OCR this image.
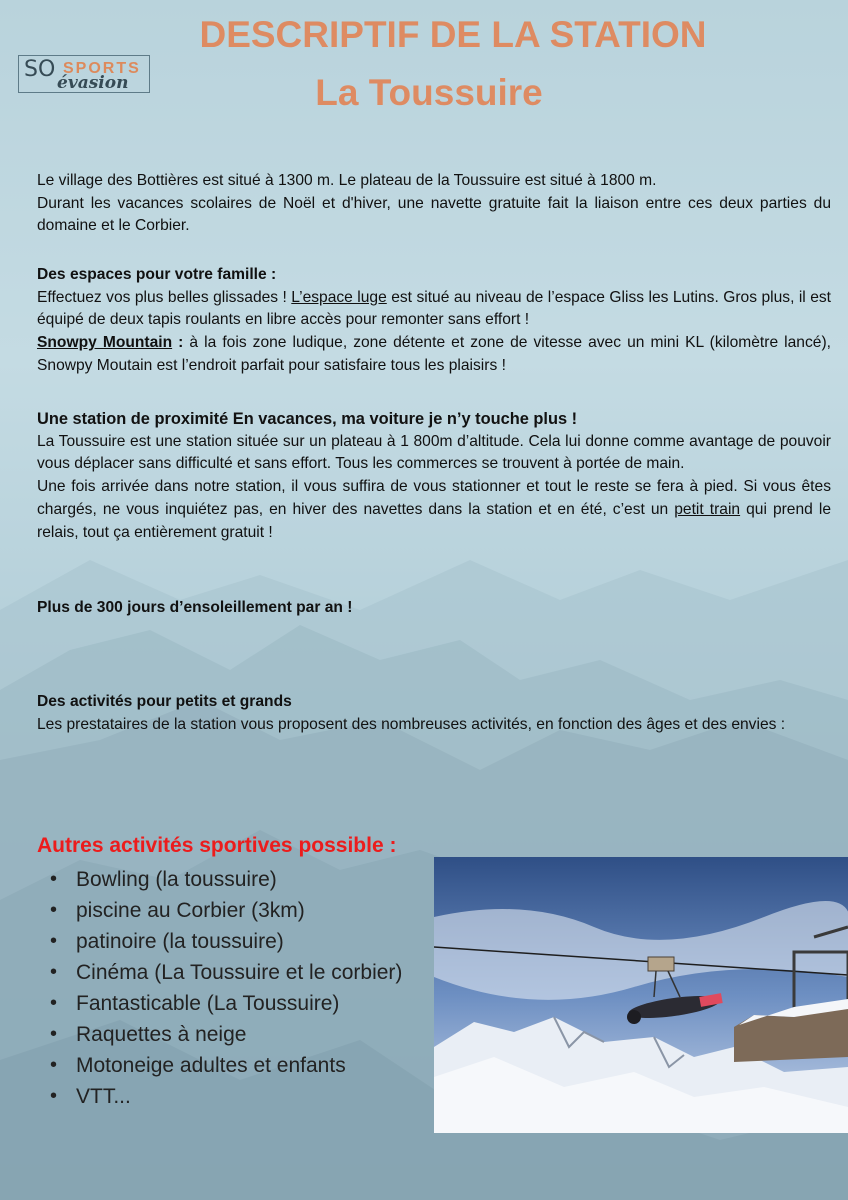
SO SPORTS
évasion
DESCRIPTIF DE LA STATION
La Toussuire

Le village des Bottières est situé à 1300 m. Le plateau de la Toussuire est situé à 1800 m.

Durant les vacances scolaires de Noël et d'hiver, une navette gratuite fait la liaison entre ces deux parties du domaine et le Corbier.

Des espaces pour votre famille :

Effectuez vos plus belles glissades ! L’espace luge est situé au niveau de l’espace Gliss les Lutins. Gros plus, il est équipé de deux tapis roulants en libre accès pour remonter sans effort !

Snowpy Mountain : à la fois zone ludique, zone détente et zone de vitesse avec un mini KL (kilomètre lancé), Snowpy Moutain est l’endroit parfait pour satisfaire tous les plaisirs !

Une station de proximité En vacances, ma voiture je n’y touche plus !

La Toussuire est une station située sur un plateau à 1 800m d’altitude. Cela lui donne comme avantage de pouvoir vous déplacer sans difficulté et sans effort. Tous les commerces se trouvent à portée de main.

Une fois arrivée dans notre station, il vous suffira de vous stationner et tout le reste se fera à pied. Si vous êtes chargés, ne vous inquiétez pas, en hiver des navettes dans la station et en été, c’est un petit train qui prend le relais, tout ça entièrement gratuit !

Plus de 300 jours d’ensoleillement par an !

Des activités pour petits et grands

Les prestataires de la station vous proposent des nombreuses activités, en fonction des âges et des envies :

Autres activités sportives possible :
• Bowling (la toussuire)
• piscine au Corbier (3km)
• patinoire (la toussuire)
• Cinéma (La Toussuire et le corbier)
• Fantasticable (La Toussuire)
• Raquettes à neige
• Motoneige adultes et enfants
• VTT...
